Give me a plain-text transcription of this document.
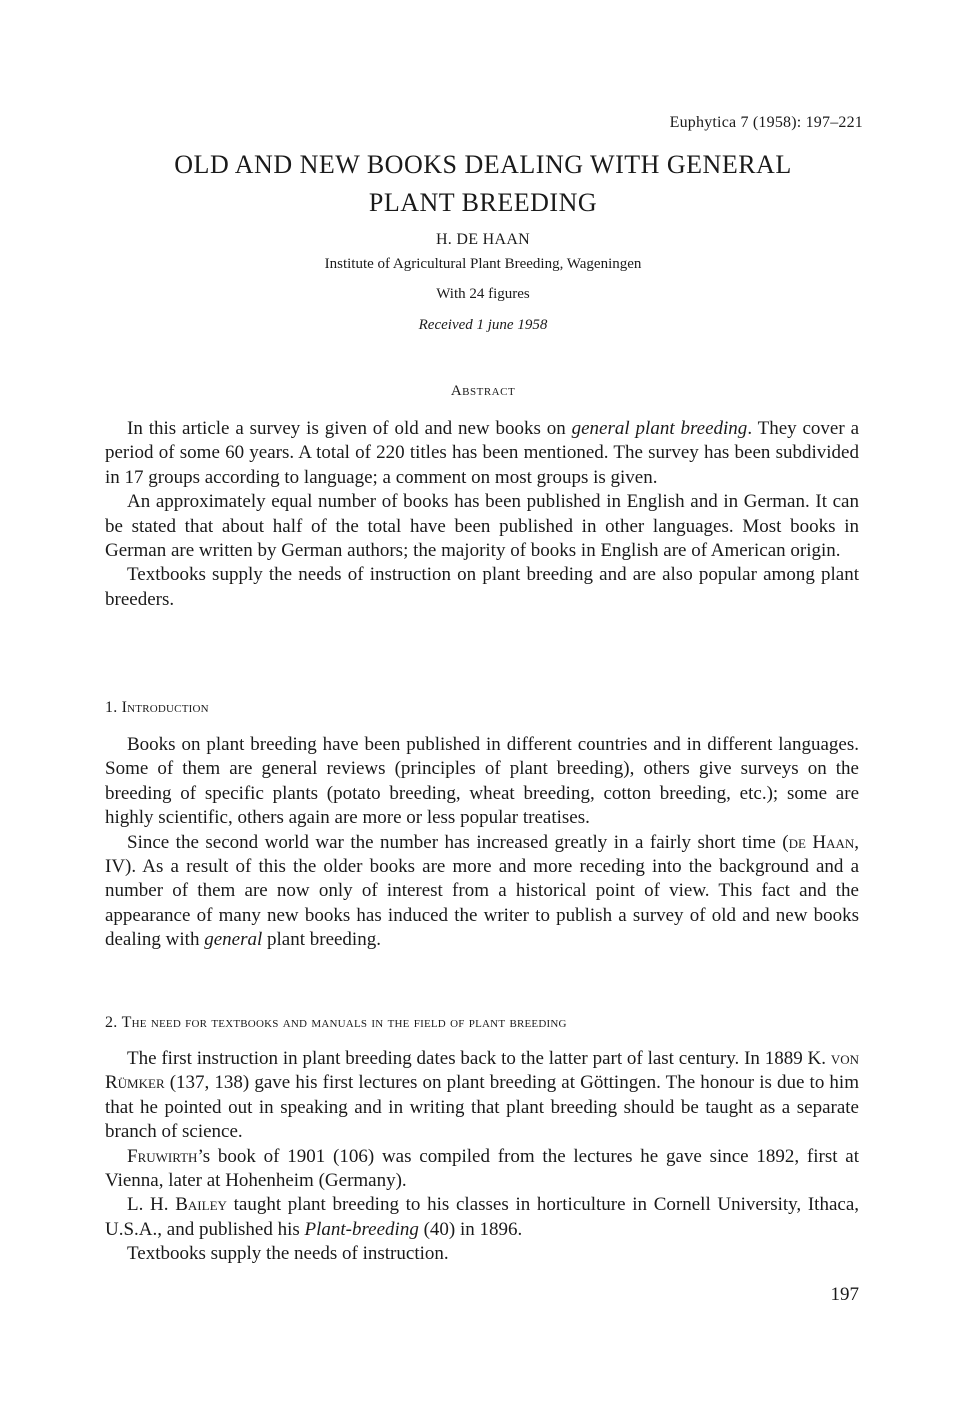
Euphytica 7 (1958): 197–221
OLD AND NEW BOOKS DEALING WITH GENERAL
PLANT BREEDING
H. DE HAAN
Institute of Agricultural Plant Breeding, Wageningen
With 24 figures
Received 1 june 1958
Abstract

In this article a survey is given of old and new books on general plant breeding. They cover a period of some 60 years. A total of 220 titles has been mentioned. The survey has been subdivided in 17 groups according to language; a comment on most groups is given.

An approximately equal number of books has been published in English and in German. It can be stated that about half of the total have been published in other languages. Most books in German are written by German authors; the majority of books in English are of American origin.

Textbooks supply the needs of instruction on plant breeding and are also popular among plant breeders.

1. Introduction

Books on plant breeding have been published in different countries and in different languages. Some of them are general reviews (principles of plant breeding), others give surveys on the breeding of specific plants (potato breeding, wheat breeding, cotton breeding, etc.); some are highly scientific, others again are more or less popular treatises.

Since the second world war the number has increased greatly in a fairly short time (de Haan, IV). As a result of this the older books are more and more receding into the background and a number of them are now only of interest from a historical point of view. This fact and the appearance of many new books has induced the writer to publish a survey of old and new books dealing with general plant breeding.

2. The need for textbooks and manuals in the field of plant breeding

The first instruction in plant breeding dates back to the latter part of last century. In 1889 K. von Rümker (137, 138) gave his first lectures on plant breeding at Göttingen. The honour is due to him that he pointed out in speaking and in writing that plant breeding should be taught as a separate branch of science.

Fruwirth’s book of 1901 (106) was compiled from the lectures he gave since 1892, first at Vienna, later at Hohenheim (Germany).

L. H. Bailey taught plant breeding to his classes in horticulture in Cornell University, Ithaca, U.S.A., and published his Plant-breeding (40) in 1896.

Textbooks supply the needs of instruction.

197
